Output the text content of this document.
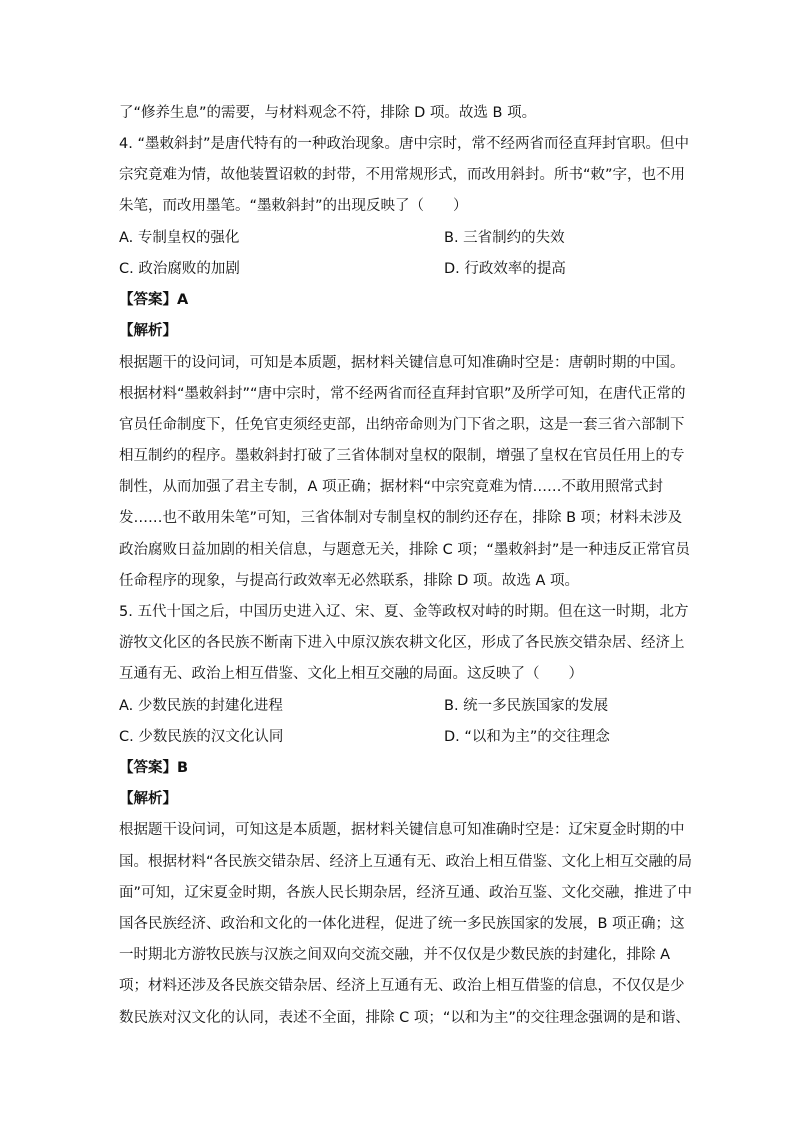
了“修养生息”的需要，与材料观念不符，排除 D 项。故选 B 项。
4. “墨敕斜封”是唐代特有的一种政治现象。唐中宗时，常不经两省而径直拜封官职。但中
宗究竟难为情，故他装置诏敕的封带，不用常规形式，而改用斜封。所书“敕”字，也不用
朱笔，而改用墨笔。“墨敕斜封”的出现反映了（　　）
A. 专制皇权的强化	B. 三省制约的失效
C. 政治腐败的加剧	D. 行政效率的提高
【答案】A
【解析】
根据题干的设问词，可知是本质题，据材料关键信息可知准确时空是：唐朝时期的中国。
根据材料“墨敕斜封”“唐中宗时，常不经两省而径直拜封官职”及所学可知，在唐代正常的
官员任命制度下，任免官吏须经吏部，出纳帝命则为门下省之职，这是一套三省六部制下
相互制约的程序。墨敕斜封打破了三省体制对皇权的限制，增强了皇权在官员任用上的专
制性，从而加强了君主专制，A 项正确；据材料“中宗究竟难为情……不敢用照常式封
发……也不敢用朱笔”可知，三省体制对专制皇权的制约还存在，排除 B 项；材料未涉及
政治腐败日益加剧的相关信息，与题意无关，排除 C 项；“墨敕斜封”是一种违反正常官员
任命程序的现象，与提高行政效率无必然联系，排除 D 项。故选 A 项。
5. 五代十国之后，中国历史进入辽、宋、夏、金等政权对峙的时期。但在这一时期，北方
游牧文化区的各民族不断南下进入中原汉族农耕文化区，形成了各民族交错杂居、经济上
互通有无、政治上相互借鉴、文化上相互交融的局面。这反映了（　　）
A. 少数民族的封建化进程	B. 统一多民族国家的发展
C. 少数民族的汉文化认同	D. “以和为主”的交往理念
【答案】B
【解析】
根据题干设问词，可知这是本质题，据材料关键信息可知准确时空是：辽宋夏金时期的中
国。根据材料“各民族交错杂居、经济上互通有无、政治上相互借鉴、文化上相互交融的局
面”可知，辽宋夏金时期，各族人民长期杂居，经济互通、政治互鉴、文化交融，推进了中
国各民族经济、政治和文化的一体化进程，促进了统一多民族国家的发展，B 项正确；这
一时期北方游牧民族与汉族之间双向交流交融，并不仅仅是少数民族的封建化，排除 A
项；材料还涉及各民族交错杂居、经济上互通有无、政治上相互借鉴的信息，不仅仅是少
数民族对汉文化的认同，表述不全面，排除 C 项；“以和为主”的交往理念强调的是和谐、
